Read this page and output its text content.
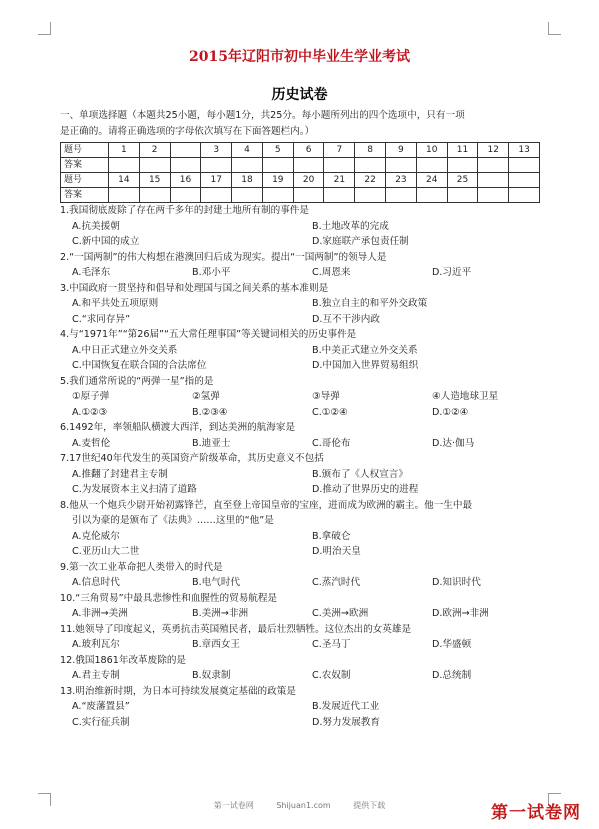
2015年辽阳市初中毕业生学业考试
历史试卷

一、单项选择题（本题共25小题，每小题1分，共25分。每小题所列出的四个选项中，只有一项
是正确的。请将正确选项的字母依次填写在下面答题栏内。）

题号	1	2		3	4	5	6	7	8	9	10	11	12	13
答案														
题号	14	15	16	17	18	19	20	21	22	23	24	25		
答案														
1.我国彻底废除了存在两千多年的封建土地所有制的事件是
A.抗美援朝	B.土地改革的完成
C.新中国的成立	D.家庭联产承包责任制
2.“一国两制”的伟大构想在港澳回归后成为现实。提出“一国两制”的领导人是
A.毛泽东	B.邓小平	C.周恩来	D.习近平
3.中国政府一贯坚持和倡导和处理国与国之间关系的基本准则是
A.和平共处五项原则	B.独立自主的和平外交政策
C.“求同存异”	D.互不干涉内政
4.与“1971年”“第26届”“五大常任理事国”等关键词相关的历史事件是
A.中日正式建立外交关系	B.中美正式建立外交关系
C.中国恢复在联合国的合法席位	D.中国加入世界贸易组织
5.我们通常所说的“两弹一星”指的是
①原子弹	②氢弹	③导弹	④人造地球卫星
A.①②③	B.②③④	C.①②④	D.①②④
6.1492年，率领船队横渡大西洋，到达美洲的航海家是
A.麦哲伦	B.迪亚士	C.哥伦布	D.达·伽马
7.17世纪40年代发生的英国资产阶级革命，其历史意义不包括
A.推翻了封建君主专制	B.颁布了《人权宣言》
C.为发展资本主义扫清了道路	D.推动了世界历史的进程
8.他从一个炮兵少尉开始初露锋芒，直至登上帝国皇帝的宝座，进而成为欧洲的霸主。他一生中最
引以为豪的是颁布了《法典》……这里的“他”是
A.克伦威尔	B.拿破仑
C.亚历山大二世	D.明治天皇
9.第一次工业革命把人类带入的时代是
A.信息时代	B.电气时代	C.蒸汽时代	D.知识时代
10.“三角贸易”中最具悲惨性和血腥性的贸易航程是
A.非洲→美洲	B.美洲→非洲	C.美洲→欧洲	D.欧洲→非洲
11.她领导了印度起义，英勇抗击英国殖民者，最后壮烈牺牲。这位杰出的女英雄是
A.玻利瓦尔	B.章西女王	C.圣马丁	D.华盛顿
12.俄国1861年改革废除的是
A.君主专制	B.奴隶制	C.农奴制	D.总统制
13.明治维新时期，为日本可持续发展奠定基础的政策是
A.“废藩置县”	B.发展近代工业
C.实行征兵制	D.努力发展教育
第一试卷网	Shijuan1.com	提供下载	第一试卷网
